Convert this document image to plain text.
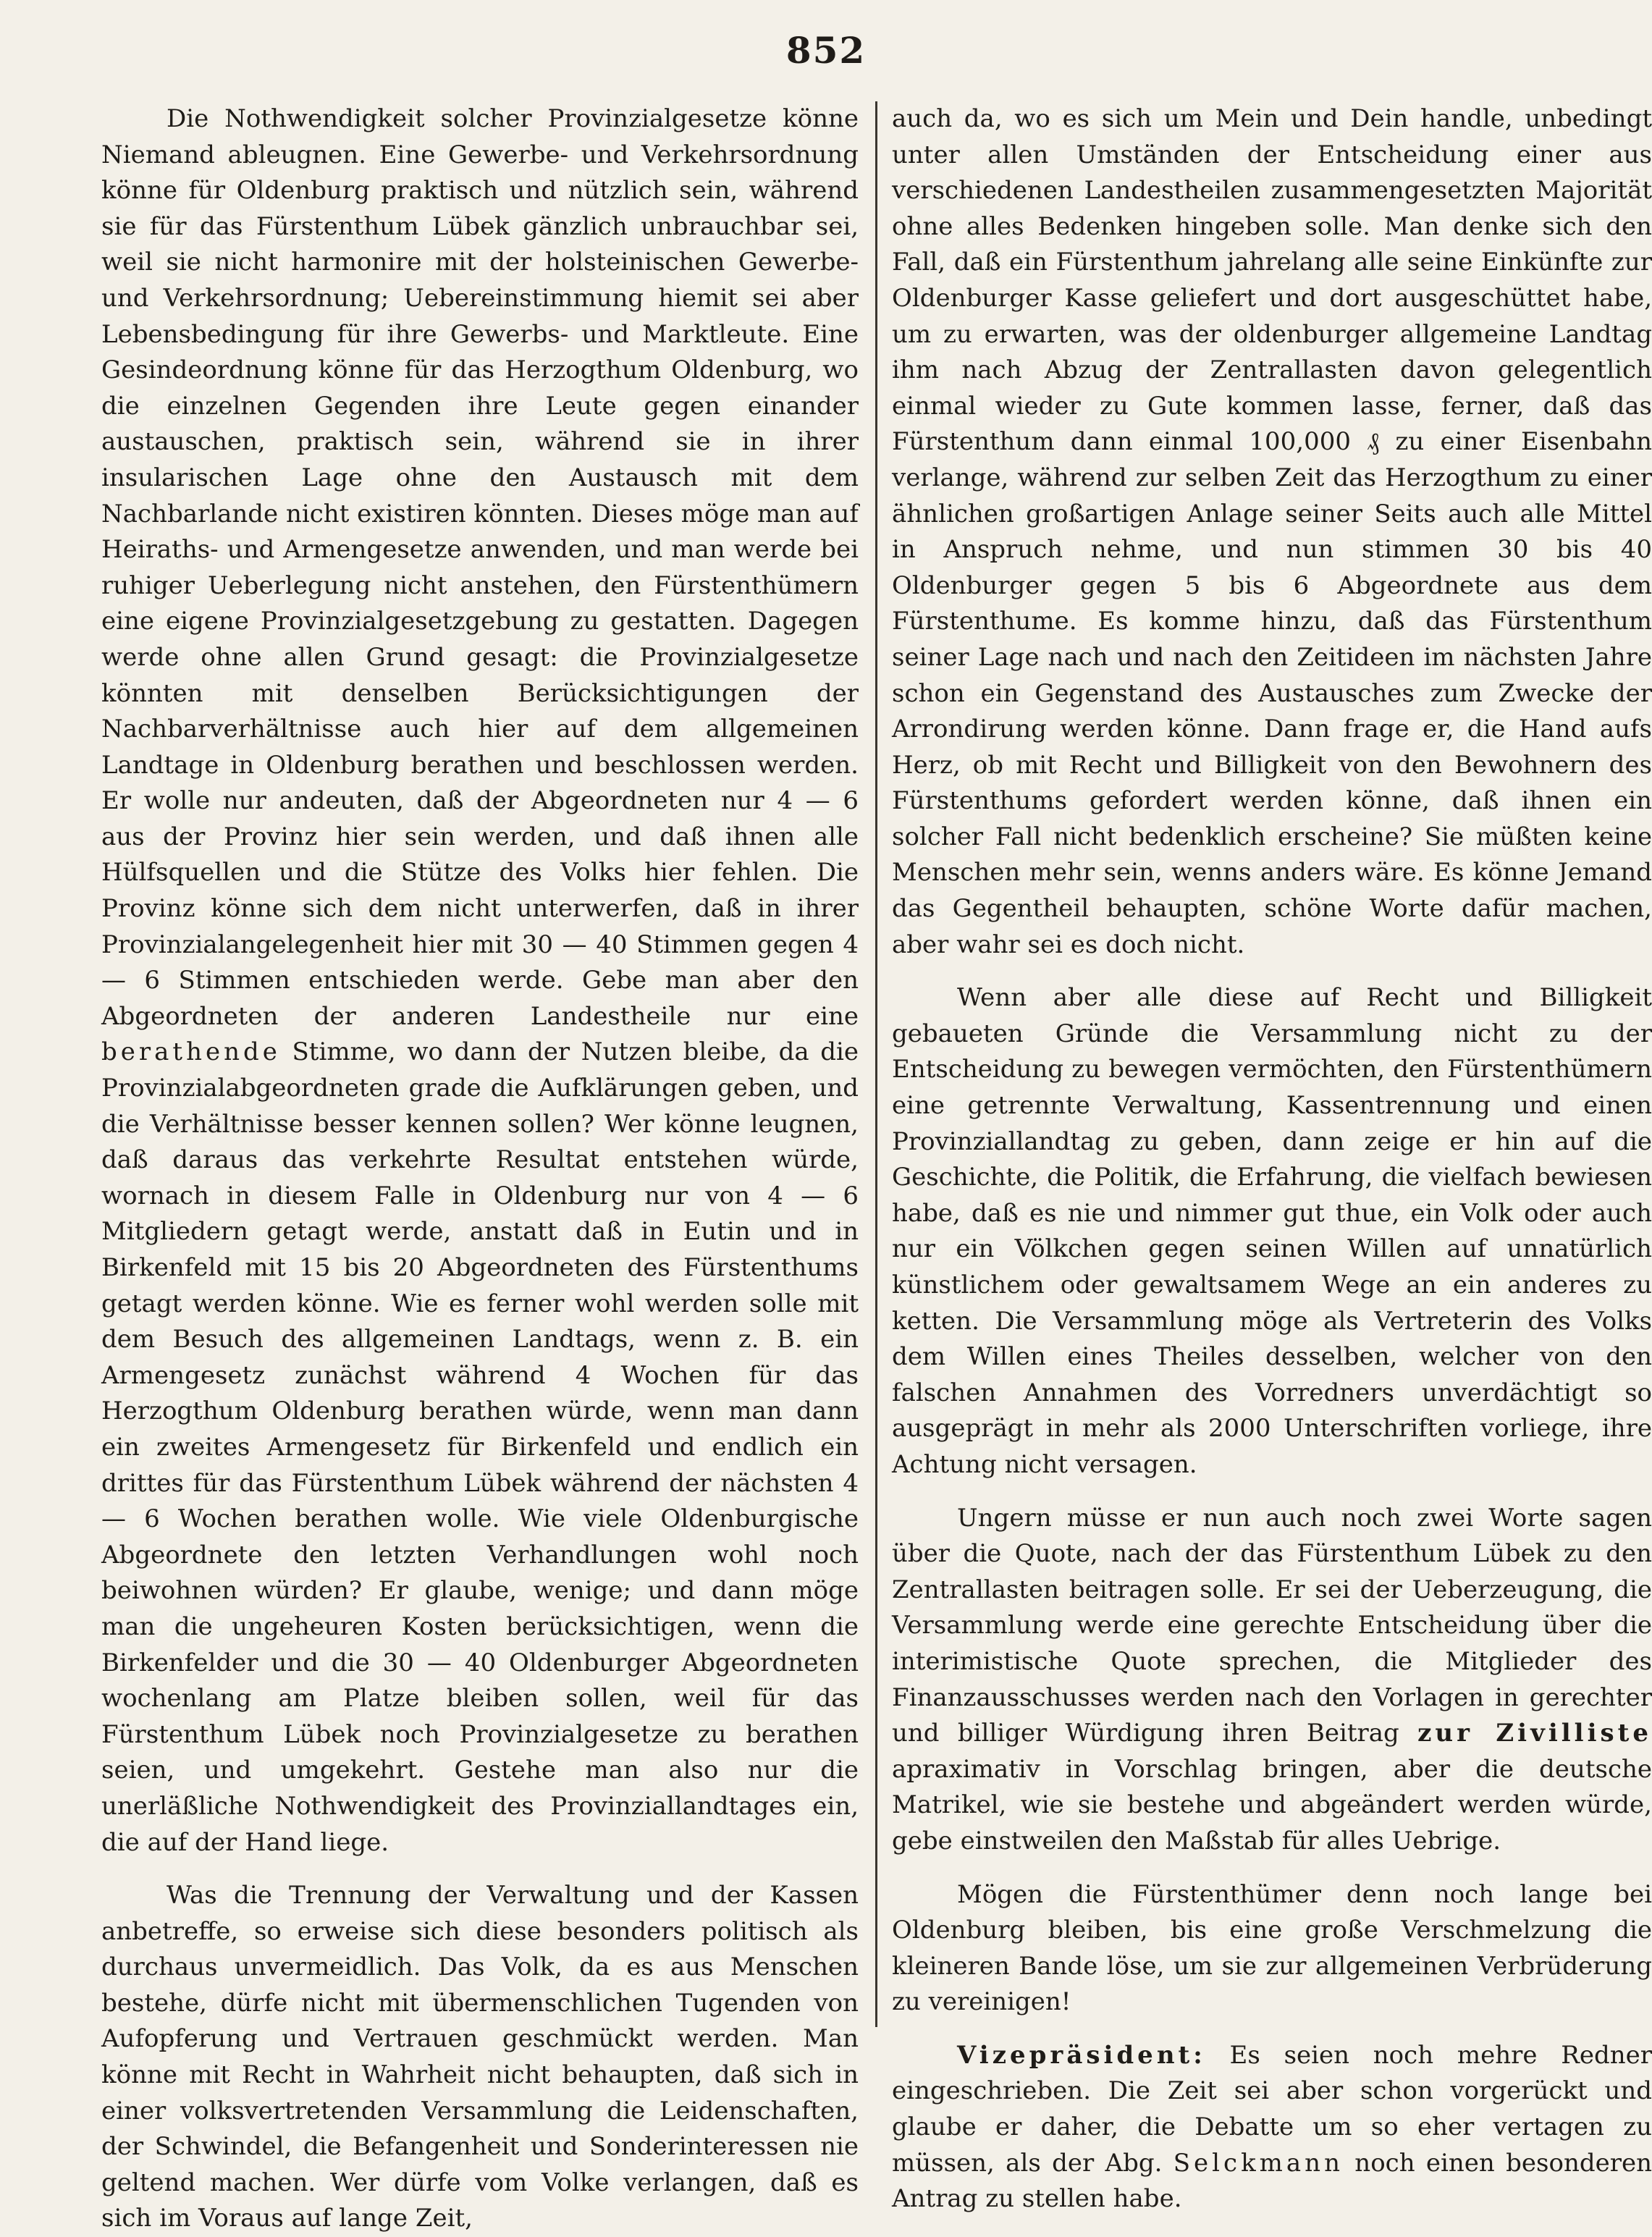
852

Die Nothwendigkeit solcher Provinzialgesetze könne Niemand ableugnen. Eine Gewerbe- und Verkehrsordnung könne für Oldenburg praktisch und nützlich sein, während sie für das Fürstenthum Lübek gänzlich unbrauchbar sei, weil sie nicht harmonire mit der holsteinischen Gewerbe- und Verkehrsordnung; Uebereinstimmung hiemit sei aber Lebensbedingung für ihre Gewerbs- und Marktleute. Eine Gesindeordnung könne für das Herzogthum Oldenburg, wo die einzelnen Gegenden ihre Leute gegen einander austauschen, praktisch sein, während sie in ihrer insularischen Lage ohne den Austausch mit dem Nachbarlande nicht existiren könnten. Dieses möge man auf Heiraths- und Armengesetze anwenden, und man werde bei ruhiger Ueberlegung nicht anstehen, den Fürstenthümern eine eigene Provinzialgesetzgebung zu gestatten. Dagegen werde ohne allen Grund gesagt: die Provinzialgesetze könnten mit denselben Berücksichtigungen der Nachbarverhältnisse auch hier auf dem allgemeinen Landtage in Oldenburg berathen und beschlossen werden. Er wolle nur andeuten, daß der Abgeordneten nur 4 — 6 aus der Provinz hier sein werden, und daß ihnen alle Hülfsquellen und die Stütze des Volks hier fehlen. Die Provinz könne sich dem nicht unterwerfen, daß in ihrer Provinzialangelegenheit hier mit 30 — 40 Stimmen gegen 4 — 6 Stimmen entschieden werde. Gebe man aber den Abgeordneten der anderen Landestheile nur eine berathende Stimme, wo dann der Nutzen bleibe, da die Provinzialabgeordneten grade die Aufklärungen geben, und die Verhältnisse besser kennen sollen? Wer könne leugnen, daß daraus das verkehrte Resultat entstehen würde, wornach in diesem Falle in Oldenburg nur von 4 — 6 Mitgliedern getagt werde, anstatt daß in Eutin und in Birkenfeld mit 15 bis 20 Abgeordneten des Fürstenthums getagt werden könne. Wie es ferner wohl werden solle mit dem Besuch des allgemeinen Landtags, wenn z. B. ein Armengesetz zunächst während 4 Wochen für das Herzogthum Oldenburg berathen würde, wenn man dann ein zweites Armengesetz für Birkenfeld und endlich ein drittes für das Fürstenthum Lübek während der nächsten 4 — 6 Wochen berathen wolle. Wie viele Oldenburgische Abgeordnete den letzten Verhandlungen wohl noch beiwohnen würden? Er glaube, wenige; und dann möge man die ungeheuren Kosten berücksichtigen, wenn die Birkenfelder und die 30 — 40 Oldenburger Abgeordneten wochenlang am Platze bleiben sollen, weil für das Fürstenthum Lübek noch Provinzialgesetze zu berathen seien, und umgekehrt. Gestehe man also nur die unerläßliche Nothwendigkeit des Provinziallandtages ein, die auf der Hand liege.

Was die Trennung der Verwaltung und der Kassen anbetreffe, so erweise sich diese besonders politisch als durchaus unvermeidlich. Das Volk, da es aus Menschen bestehe, dürfe nicht mit übermenschlichen Tugenden von Aufopferung und Vertrauen geschmückt werden. Man könne mit Recht in Wahrheit nicht behaupten, daß sich in einer volksvertretenden Versammlung die Leidenschaften, der Schwindel, die Befangenheit und Sonderinteressen nie geltend machen. Wer dürfe vom Volke verlangen, daß es sich im Voraus auf lange Zeit,

auch da, wo es sich um Mein und Dein handle, unbedingt unter allen Umständen der Entscheidung einer aus verschiedenen Landestheilen zusammengesetzten Majorität ohne alles Bedenken hingeben solle. Man denke sich den Fall, daß ein Fürstenthum jahrelang alle seine Einkünfte zur Oldenburger Kasse geliefert und dort ausgeschüttet habe, um zu erwarten, was der oldenburger allgemeine Landtag ihm nach Abzug der Zentrallasten davon gelegentlich einmal wieder zu Gute kommen lasse, ferner, daß das Fürstenthum dann einmal 100,000 ₰ zu einer Eisenbahn verlange, während zur selben Zeit das Herzogthum zu einer ähnlichen großartigen Anlage seiner Seits auch alle Mittel in Anspruch nehme, und nun stimmen 30 bis 40 Oldenburger gegen 5 bis 6 Abgeordnete aus dem Fürstenthume. Es komme hinzu, daß das Fürstenthum seiner Lage nach und nach den Zeitideen im nächsten Jahre schon ein Gegenstand des Austausches zum Zwecke der Arrondirung werden könne. Dann frage er, die Hand aufs Herz, ob mit Recht und Billigkeit von den Bewohnern des Fürstenthums gefordert werden könne, daß ihnen ein solcher Fall nicht bedenklich erscheine? Sie müßten keine Menschen mehr sein, wenns anders wäre. Es könne Jemand das Gegentheil behaupten, schöne Worte dafür machen, aber wahr sei es doch nicht.

Wenn aber alle diese auf Recht und Billigkeit gebaueten Gründe die Versammlung nicht zu der Entscheidung zu bewegen vermöchten, den Fürstenthümern eine getrennte Verwaltung, Kassentrennung und einen Provinziallandtag zu geben, dann zeige er hin auf die Geschichte, die Politik, die Erfahrung, die vielfach bewiesen habe, daß es nie und nimmer gut thue, ein Volk oder auch nur ein Völkchen gegen seinen Willen auf unnatürlich künstlichem oder gewaltsamem Wege an ein anderes zu ketten. Die Versammlung möge als Vertreterin des Volks dem Willen eines Theiles desselben, welcher von den falschen Annahmen des Vorredners unverdächtigt so ausgeprägt in mehr als 2000 Unterschriften vorliege, ihre Achtung nicht versagen.

Ungern müsse er nun auch noch zwei Worte sagen über die Quote, nach der das Fürstenthum Lübek zu den Zentrallasten beitragen solle. Er sei der Ueberzeugung, die Versammlung werde eine gerechte Entscheidung über die interimistische Quote sprechen, die Mitglieder des Finanzausschusses werden nach den Vorlagen in gerechter und billiger Würdigung ihren Beitrag zur Zivilliste apraximativ in Vorschlag bringen, aber die deutsche Matrikel, wie sie bestehe und abgeändert werden würde, gebe einstweilen den Maßstab für alles Uebrige.

Mögen die Fürstenthümer denn noch lange bei Oldenburg bleiben, bis eine große Verschmelzung die kleineren Bande löse, um sie zur allgemeinen Verbrüderung zu vereinigen!

Vizepräsident: Es seien noch mehre Redner eingeschrieben. Die Zeit sei aber schon vorgerückt und glaube er daher, die Debatte um so eher vertagen zu müssen, als der Abg. Selckmann noch einen besonderen Antrag zu stellen habe.
